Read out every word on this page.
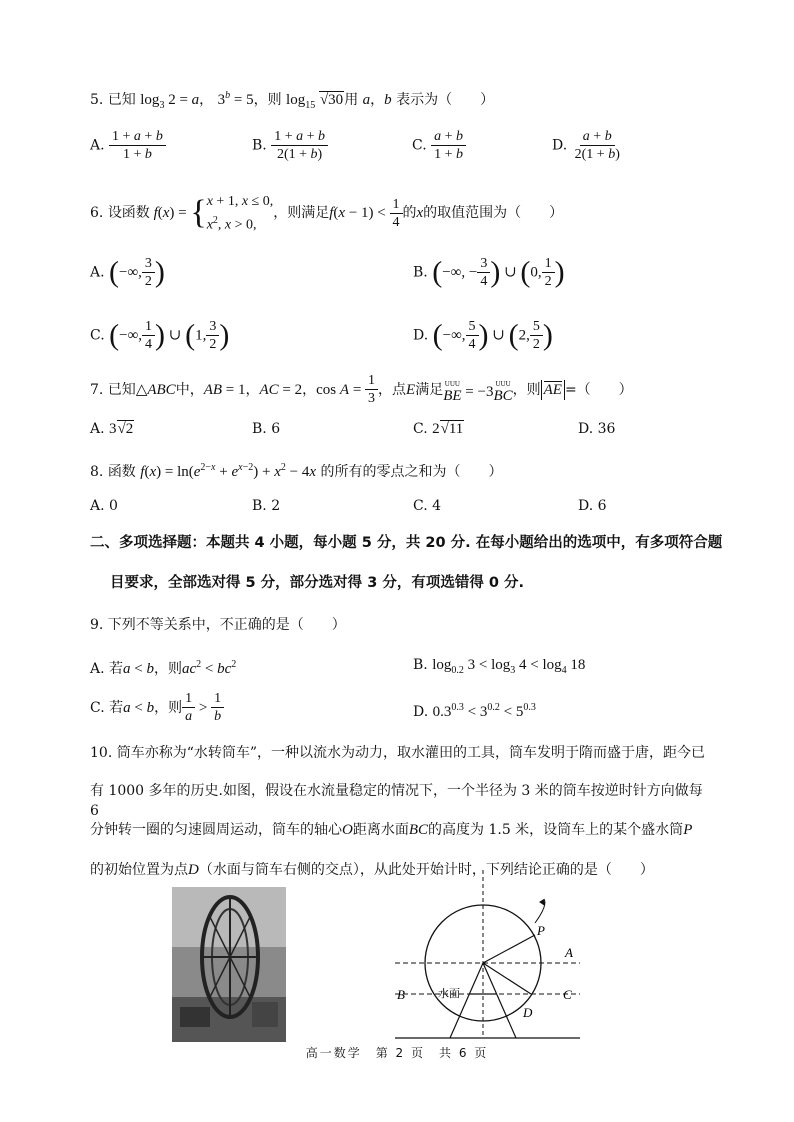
5. 已知 $\log_3 2 = a$， $3^b = 5$，则 $\log_{15} √30$用 a，b 表示为（　　）
A. $\frac{1 + a + b}{1 + b}$	B. $\frac{1 + a + b}{2(1 + b)}$	C. $\frac{a + b}{1 + b}$	D. $\frac{a + b}{2(1 + b)}$
6.
设函数 f(x) = { x + 1, x ≤ 0,
$x^2$, x > 0,
，则满足 $f(x - 1) < \frac{1}{4}$ 的 x 的取值范围为（　　）
A. (−∞, $\frac{3}{2}$ )	B. (−∞, − $\frac{3}{4}$ ) ∪ (0, $\frac{1}{2}$ )
C. (−∞, $\frac{1}{4}$ ) ∪ (1, $\frac{3}{2}$ )	D. (−∞, $\frac{5}{4}$ ) ∪ (2, $\frac{5}{2}$ )
7.
已知 △ABC 中， AB = 1 ， AC = 2 ， $\cos A = \frac{1}{3}$ ，点 E 满足 UUU
BE = −3 UUU
BC ，则 AE =（　　）
A. 3√2	B. 6	C. 2√11	D. 36
8. 函数 $f(x) = \ln(e^{2-x} + e^{x-2}) + x^2 - 4x$ 的所有的零点之和为（　　）
A. 0	B. 2	C. 4	D. 6
二、多项选择题：本题共 4 小题，每小题 5 分，共 20 分. 在每小题给出的选项中，有多项符合题
目要求，全部选对得 5 分，部分选对得 3 分，有项选错得 0 分.
9. 下列不等关系中，不正确的是（　　）
A. 若a < b，则$ac^2 < bc^2$	B. $\log_{0.2} 3 < \log_3 4 < \log_4 18$
C. 若 a < b ，则 $\frac{1}{a} > \frac{1}{b}$	D. $0.3^{0.3} < 3^{0.2} < 5^{0.3}$
10. 筒车亦称为“水转筒车”，一种以流水为动力，取水灌田的工具，筒车发明于隋而盛于唐，距今已
有 1000 多年的历史.如图，假设在水流量稳定的情况下，一个半径为 3 米的筒车按逆时针方向做每 6
分钟转一圈的匀速圆周运动，筒车的轴心O距离水面BC的高度为 1.5 米，设筒车上的某个盛水筒P
的初始位置为点D（水面与筒车右侧的交点），从此处开始计时，下列结论正确的是（　　）
P
A
B	C
D
水面
高一数学　第 2 页　共 6 页
